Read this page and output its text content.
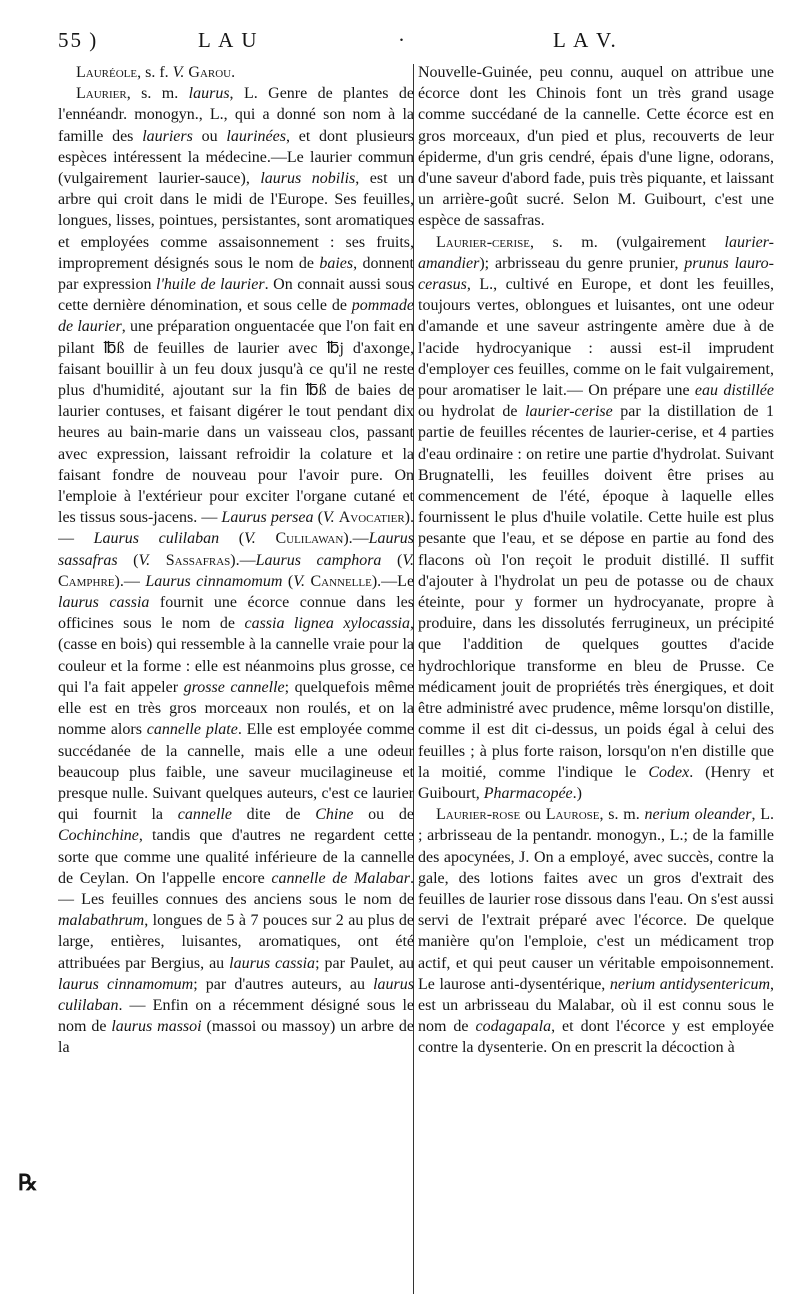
55 )	L A U	·	L A V.

Lauréole, s. f. V. Garou.

Laurier, s. m. laurus, L. Genre de plantes de l'ennéandr. monogyn., L., qui a donné son nom à la famille des lauriers ou laurinées, et dont plusieurs espèces intéressent la médecine.—Le laurier commun (vulgairement laurier-sauce), laurus nobilis, est un arbre qui croit dans le midi de l'Europe. Ses feuilles, longues, lisses, pointues, persistantes, sont aromatiques et employées comme assaisonnement : ses fruits, improprement désignés sous le nom de baies, donnent par expression l'huile de laurier. On connait aussi sous cette dernière dénomination, et sous celle de pommade de laurier, une préparation onguentacée que l'on fait en pilant ℔ß de feuilles de laurier avec ℔j d'axonge, faisant bouillir à un feu doux jusqu'à ce qu'il ne reste plus d'humidité, ajoutant sur la fin ℔ß de baies de laurier contuses, et faisant digérer le tout pendant dix heures au bain-marie dans un vaisseau clos, passant avec expression, laissant refroidir la colature et la faisant fondre de nouveau pour l'avoir pure. On l'emploie à l'extérieur pour exciter l'organe cutané et les tissus sous-jacens. — Laurus persea (V. Avocatier). — Laurus culilaban (V. Culilawan).—Laurus sassafras (V. Sassafras).—Laurus camphora (V. Camphre).— Laurus cinnamomum (V. Cannelle).—Le laurus cassia fournit une écorce connue dans les officines sous le nom de cassia lignea xylocassia, (casse en bois) qui ressemble à la cannelle vraie pour la couleur et la forme : elle est néanmoins plus grosse, ce qui l'a fait appeler grosse cannelle; quelquefois même elle est en très gros morceaux non roulés, et on la nomme alors cannelle plate. Elle est employée comme succédanée de la cannelle, mais elle a une odeur beaucoup plus faible, une saveur mucilagineuse et presque nulle. Suivant quelques auteurs, c'est ce laurier qui fournit la cannelle dite de Chine ou de Cochinchine, tandis que d'autres ne regardent cette sorte que comme une qualité inférieure de la cannelle de Ceylan. On l'appelle encore cannelle de Malabar. — Les feuilles connues des anciens sous le nom de malabathrum, longues de 5 à 7 pouces sur 2 au plus de large, entières, luisantes, aromatiques, ont été attribuées par Bergius, au laurus cassia; par Paulet, au laurus cinnamomum; par d'autres auteurs, au laurus culilaban. — Enfin on a récemment désigné sous le nom de laurus massoi (massoi ou massoy) un arbre de la

Nouvelle-Guinée, peu connu, auquel on attribue une écorce dont les Chinois font un très grand usage comme succédané de la cannelle. Cette écorce est en gros morceaux, d'un pied et plus, recouverts de leur épiderme, d'un gris cendré, épais d'une ligne, odorans, d'une saveur d'abord fade, puis très piquante, et laissant un arrière-goût sucré. Selon M. Guibourt, c'est une espèce de sassafras.

Laurier-cerise, s. m. (vulgairement laurier-amandier); arbrisseau du genre prunier, prunus lauro-cerasus, L., cultivé en Europe, et dont les feuilles, toujours vertes, oblongues et luisantes, ont une odeur d'amande et une saveur astringente amère due à de l'acide hydrocyanique : aussi est-il imprudent d'employer ces feuilles, comme on le fait vulgairement, pour aromatiser le lait.— On prépare une eau distillée ou hydrolat de laurier-cerise par la distillation de 1 partie de feuilles récentes de laurier-cerise, et 4 parties d'eau ordinaire : on retire une partie d'hydrolat. Suivant Brugnatelli, les feuilles doivent être prises au commencement de l'été, époque à laquelle elles fournissent le plus d'huile volatile. Cette huile est plus pesante que l'eau, et se dépose en partie au fond des flacons où l'on reçoit le produit distillé. Il suffit d'ajouter à l'hydrolat un peu de potasse ou de chaux éteinte, pour y former un hydrocyanate, propre à produire, dans les dissolutés ferrugineux, un précipité que l'addition de quelques gouttes d'acide hydrochlorique transforme en bleu de Prusse. Ce médicament jouit de propriétés très énergiques, et doit être administré avec prudence, même lorsqu'on distille, comme il est dit ci-dessus, un poids égal à celui des feuilles ; à plus forte raison, lorsqu'on n'en distille que la moitié, comme l'indique le Codex. (Henry et Guibourt, Pharmacopée.)

Laurier-rose ou Laurose, s. m. nerium oleander, L. ; arbrisseau de la pentandr. monogyn., L.; de la famille des apocynées, J. On a employé, avec succès, contre la gale, des lotions faites avec un gros d'extrait des feuilles de laurier rose dissous dans l'eau. On s'est aussi servi de l'extrait préparé avec l'écorce. De quelque manière qu'on l'emploie, c'est un médicament trop actif, et qui peut causer un véritable empoisonnement. Le laurose anti-dysentérique, nerium antidysentericum, est un arbrisseau du Malabar, où il est connu sous le nom de codagapala, et dont l'écorce y est employée contre la dysenterie. On en prescrit la décoction à

℞
